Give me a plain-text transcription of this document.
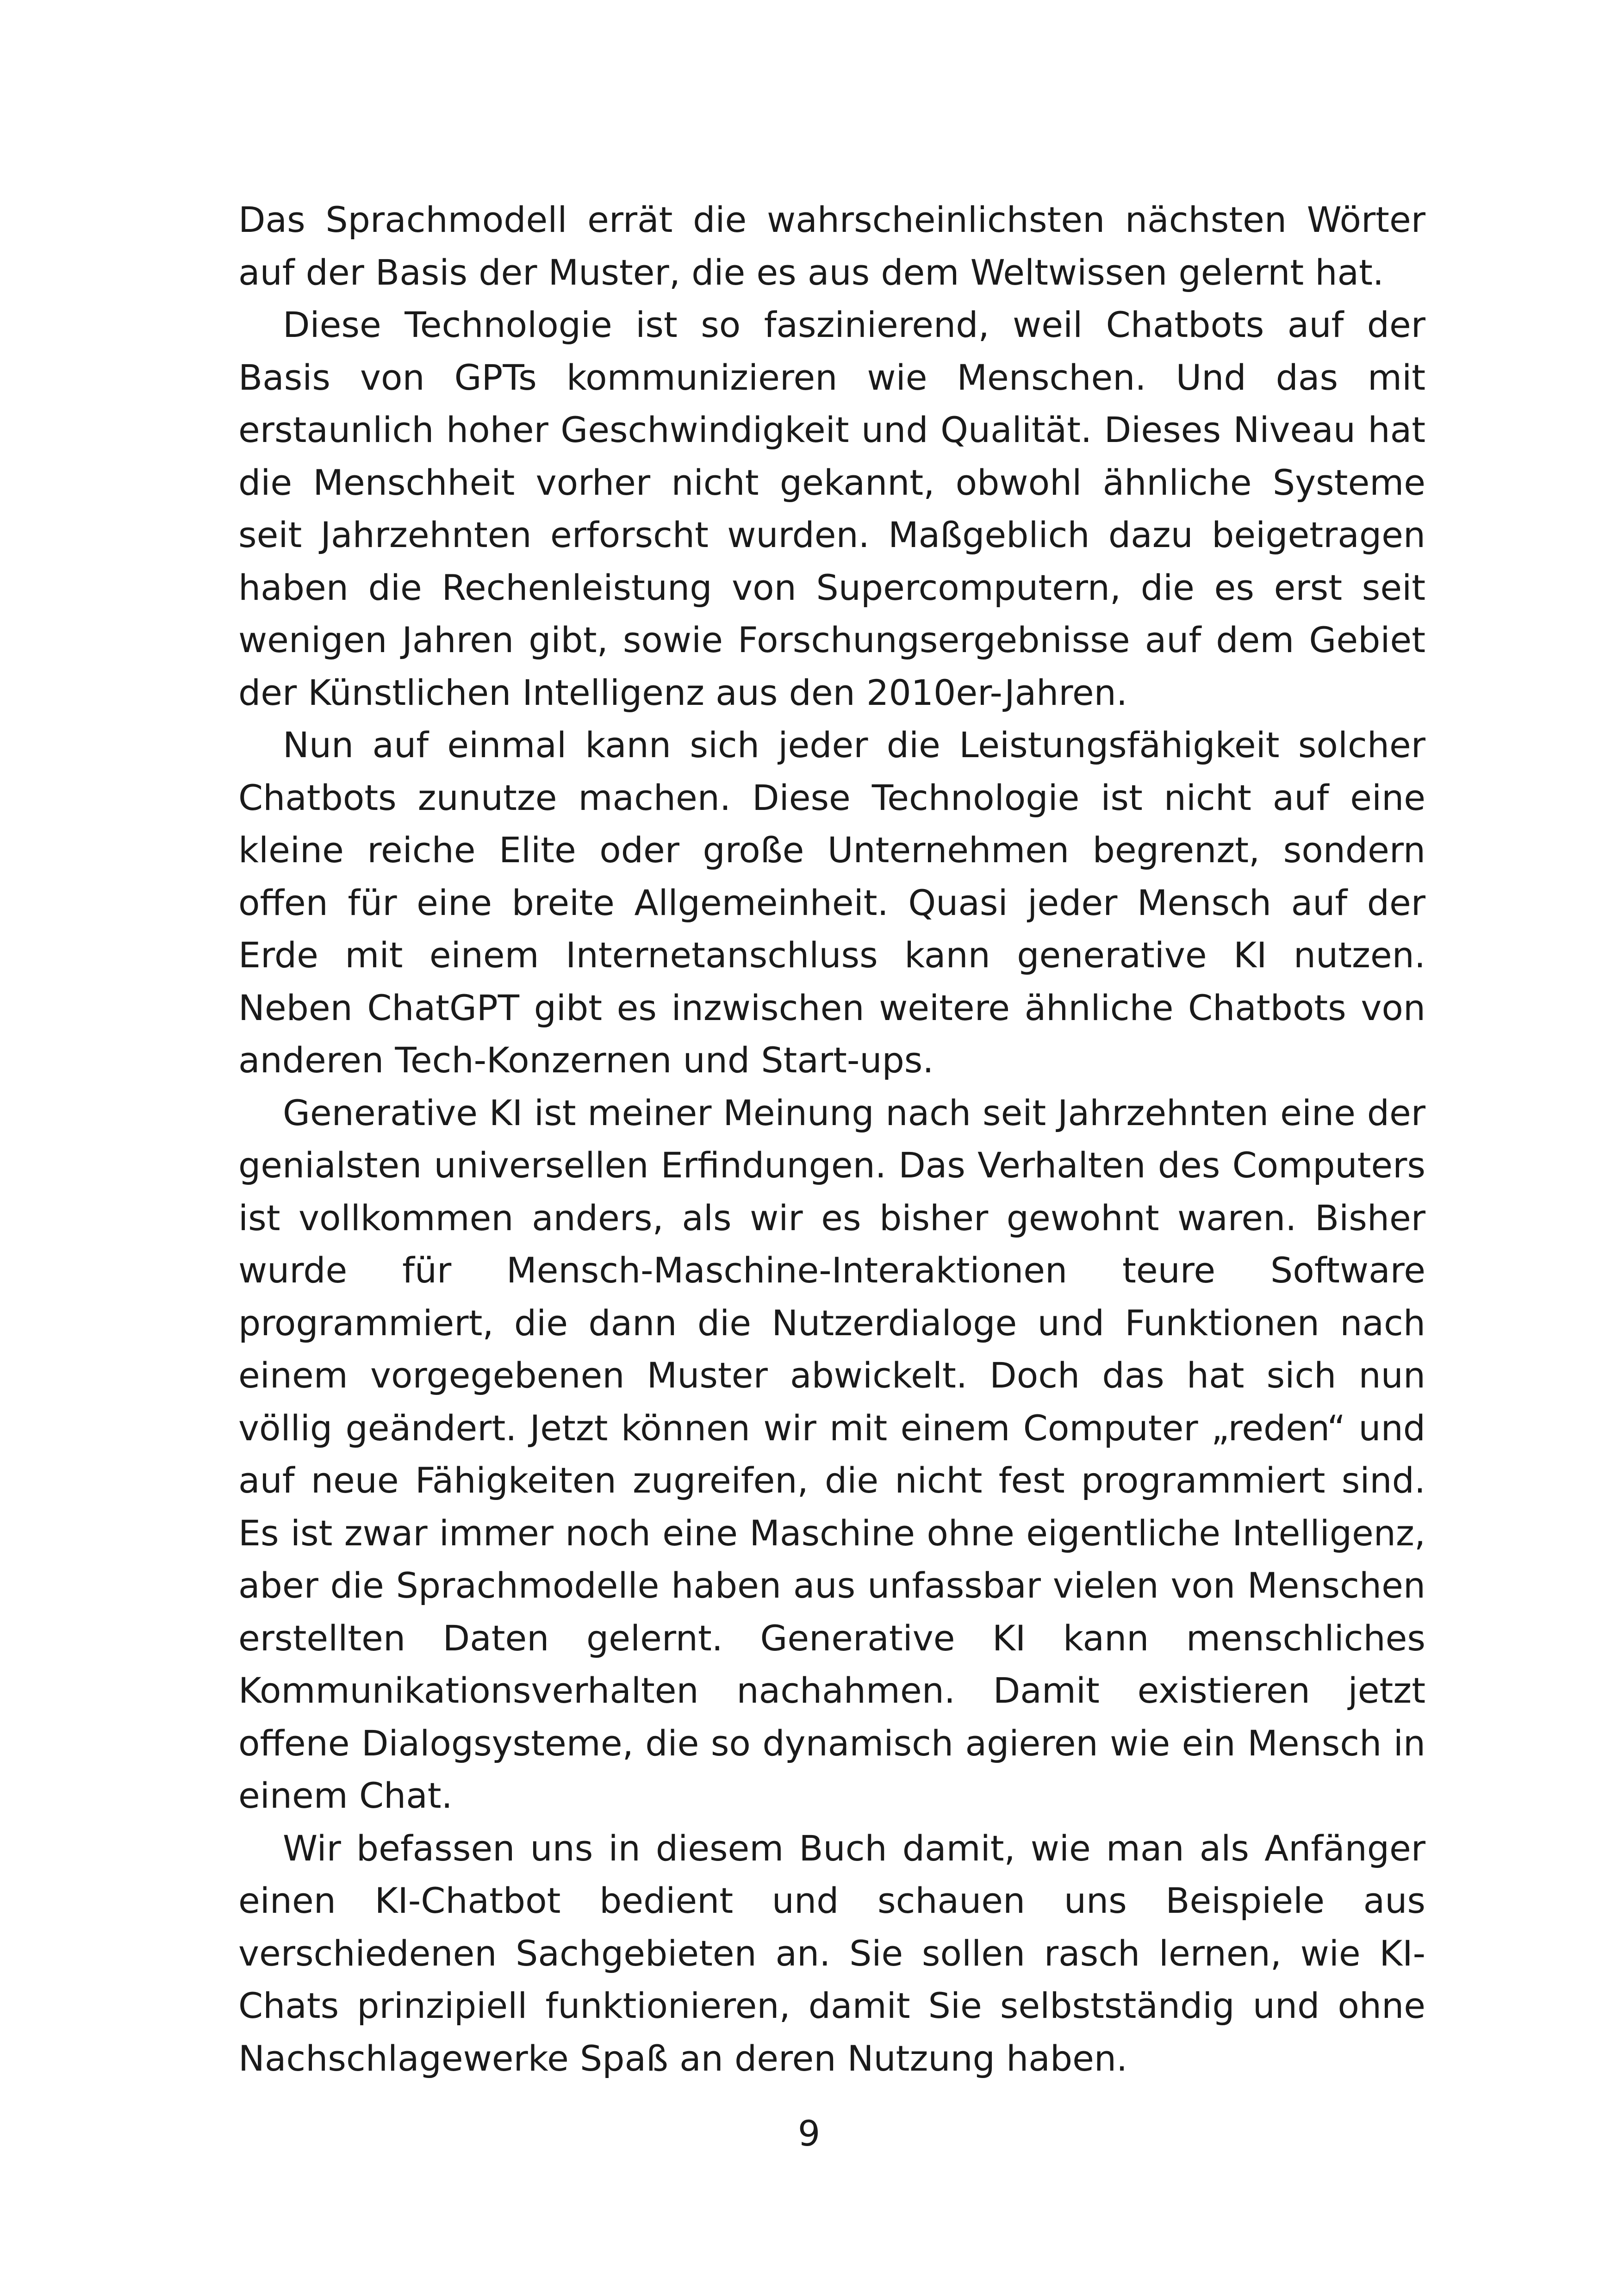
Das Sprachmodell errät die wahrscheinlichsten nächsten Wörter auf der Basis der Muster, die es aus dem Weltwissen gelernt hat.

Diese Technologie ist so faszinierend, weil Chatbots auf der Basis von GPTs kommunizieren wie Menschen. Und das mit erstaunlich hoher Geschwindigkeit und Qualität. Dieses Niveau hat die Menschheit vorher nicht gekannt, obwohl ähnliche Systeme seit Jahrzehnten erforscht wurden. Maßgeblich dazu beigetragen haben die Rechenleistung von Supercomputern, die es erst seit wenigen Jahren gibt, sowie Forschungsergebnisse auf dem Gebiet der Künstlichen Intelligenz aus den 2010er-Jahren.

Nun auf einmal kann sich jeder die Leistungsfähigkeit solcher Chatbots zunutze machen. Diese Technologie ist nicht auf eine kleine reiche Elite oder große Unternehmen begrenzt, sondern offen für eine breite Allgemeinheit. Quasi jeder Mensch auf der Erde mit einem Internetanschluss kann generative KI nutzen. Neben ChatGPT gibt es inzwischen weitere ähnliche Chatbots von anderen Tech-Konzernen und Start-ups.

Generative KI ist meiner Meinung nach seit Jahrzehnten eine der genialsten universellen Erfindungen. Das Verhalten des Computers ist vollkommen anders, als wir es bisher gewohnt waren. Bisher wurde für Mensch-Maschine-Interaktionen teure Software programmiert, die dann die Nutzerdialoge und Funktionen nach einem vorgegebenen Muster abwickelt. Doch das hat sich nun völlig geändert. Jetzt können wir mit einem Computer „reden“ und auf neue Fähigkeiten zugreifen, die nicht fest programmiert sind. Es ist zwar immer noch eine Maschine ohne eigentliche Intelligenz, aber die Sprachmodelle haben aus unfassbar vielen von Menschen erstellten Daten gelernt. Generative KI kann menschliches Kommunikationsverhalten nachahmen. Damit existieren jetzt offene Dialogsysteme, die so dynamisch agieren wie ein Mensch in einem Chat.

Wir befassen uns in diesem Buch damit, wie man als Anfänger einen KI-Chatbot bedient und schauen uns Beispiele aus verschiedenen Sachgebieten an. Sie sollen rasch lernen, wie KI-Chats prinzipiell funktionieren, damit Sie selbstständig und ohne Nachschlagewerke Spaß an deren Nutzung haben.

9
